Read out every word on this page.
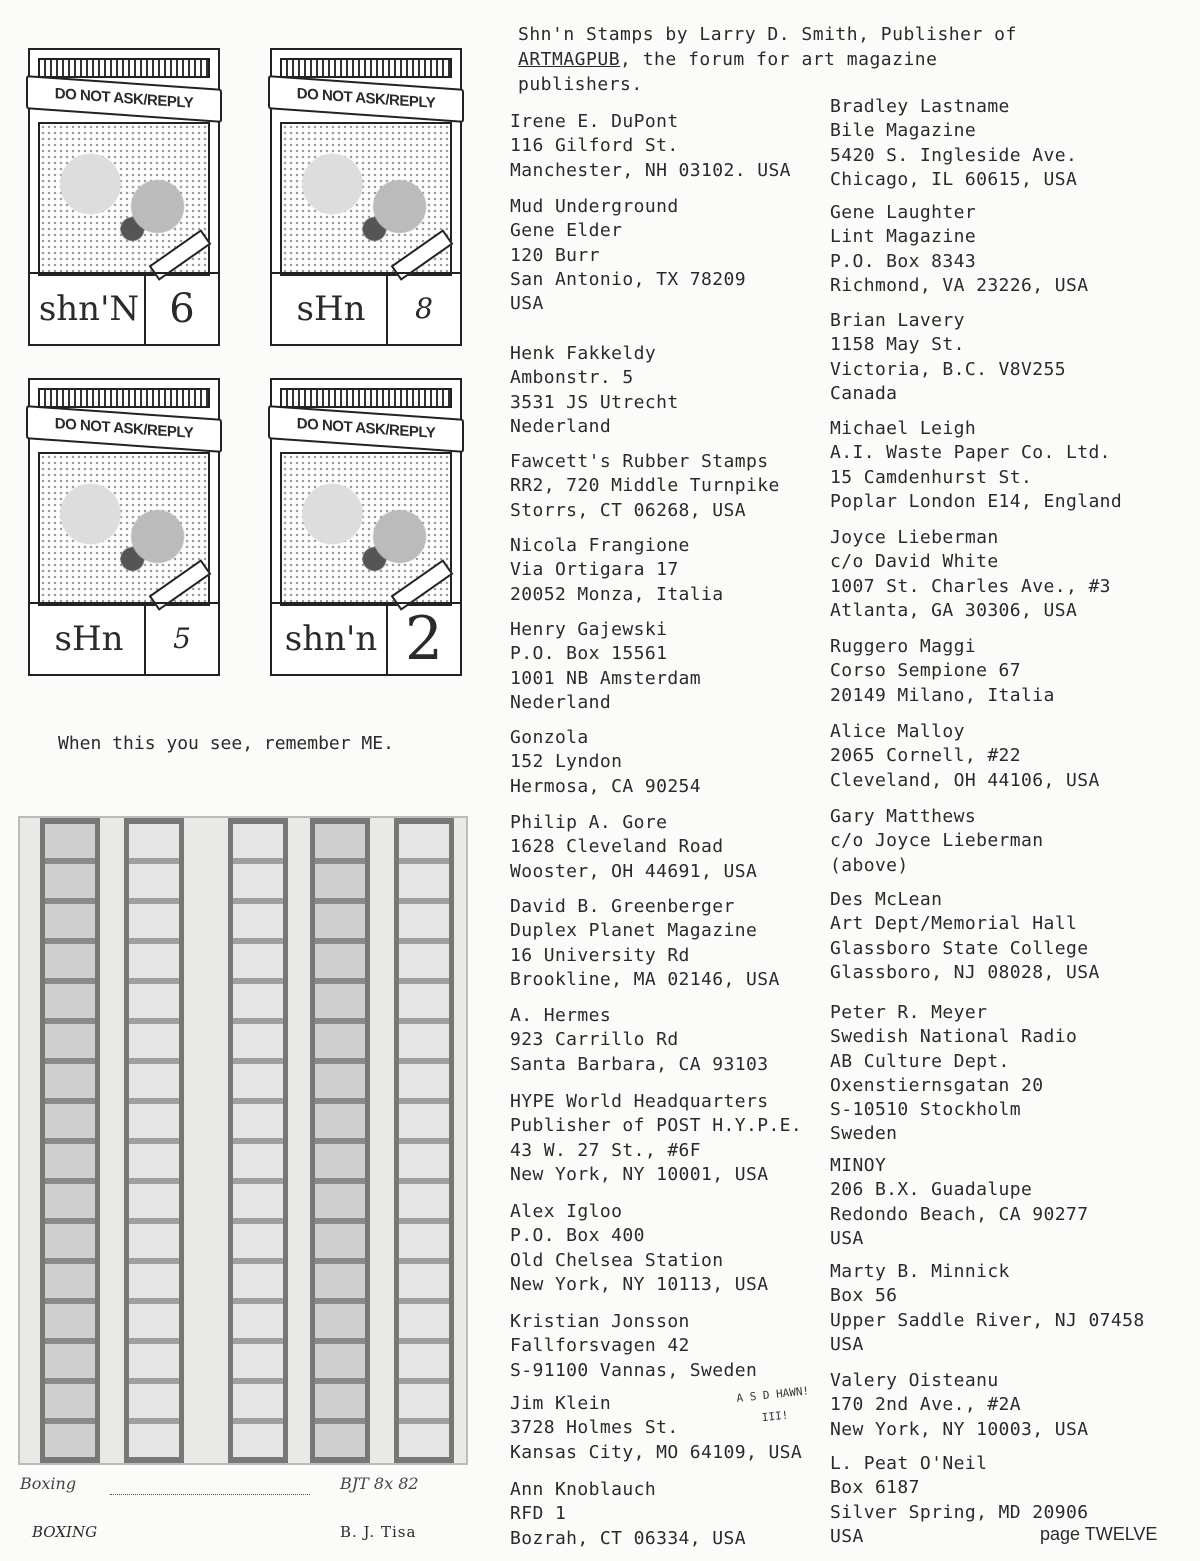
DO NOT ASK/REPLY
shn'N 6
DO NOT ASK/REPLY
sHn	8
DO NOT ASK/REPLY
sHn	5
DO NOT ASK/REPLY
shn'n 2
When this you see, remember ME.
Boxing	BJT 8x 82
BOXING	B. J. Tisa
Shn'n Stamps by Larry D. Smith, Publisher of
ARTMAGPUB, the forum for art magazine
publishers.
Irene E. DuPont
116 Gilford St.
Manchester, NH 03102. USA
Mud Underground
Gene Elder
120 Burr
San Antonio, TX 78209
USA
Henk Fakkeldy
Ambonstr. 5
3531 JS Utrecht
Nederland
Fawcett's Rubber Stamps
RR2, 720 Middle Turnpike
Storrs, CT 06268, USA
Nicola Frangione
Via Ortigara 17
20052 Monza, Italia
Henry Gajewski
P.O. Box 15561
1001 NB Amsterdam
Nederland
Gonzola
152 Lyndon
Hermosa, CA 90254
Philip A. Gore
1628 Cleveland Road
Wooster, OH 44691, USA
David B. Greenberger
Duplex Planet Magazine
16 University Rd
Brookline, MA 02146, USA
A. Hermes
923 Carrillo Rd
Santa Barbara, CA 93103
HYPE World Headquarters
Publisher of POST H.Y.P.E.
43 W. 27 St., #6F
New York, NY 10001, USA
Alex Igloo
P.O. Box 400
Old Chelsea Station
New York, NY 10113, USA
Kristian Jonsson
Fallforsvagen 42
S-91100 Vannas, Sweden
Jim Klein
3728 Holmes St.
Kansas City, MO 64109, USA
Ann Knoblauch
RFD 1
Bozrah, CT 06334, USA
Bradley Lastname
Bile Magazine
5420 S. Ingleside Ave.
Chicago, IL 60615, USA
Gene Laughter
Lint Magazine
P.O. Box 8343
Richmond, VA 23226, USA
Brian Lavery
1158 May St.
Victoria, B.C. V8V255
Canada
Michael Leigh
A.I. Waste Paper Co. Ltd.
15 Camdenhurst St.
Poplar London E14, England
Joyce Lieberman
c/o David White
1007 St. Charles Ave., #3
Atlanta, GA 30306, USA
Ruggero Maggi
Corso Sempione 67
20149 Milano, Italia
Alice Malloy
2065 Cornell, #22
Cleveland, OH 44106, USA
Gary Matthews
c/o Joyce Lieberman
(above)
Des McLean
Art Dept/Memorial Hall
Glassboro State College
Glassboro, NJ 08028, USA
Peter R. Meyer
Swedish National Radio
AB Culture Dept.
Oxenstiernsgatan 20
S-10510 Stockholm
Sweden
MINOY
206 B.X. Guadalupe
Redondo Beach, CA 90277
USA
Marty B. Minnick
Box 56
Upper Saddle River, NJ 07458
USA
Valery Oisteanu
170 2nd Ave., #2A
New York, NY 10003, USA
L. Peat O'Neil
Box 6187
Silver Spring, MD 20906
USA
A S D HAWN!
III!
page TWELVE
